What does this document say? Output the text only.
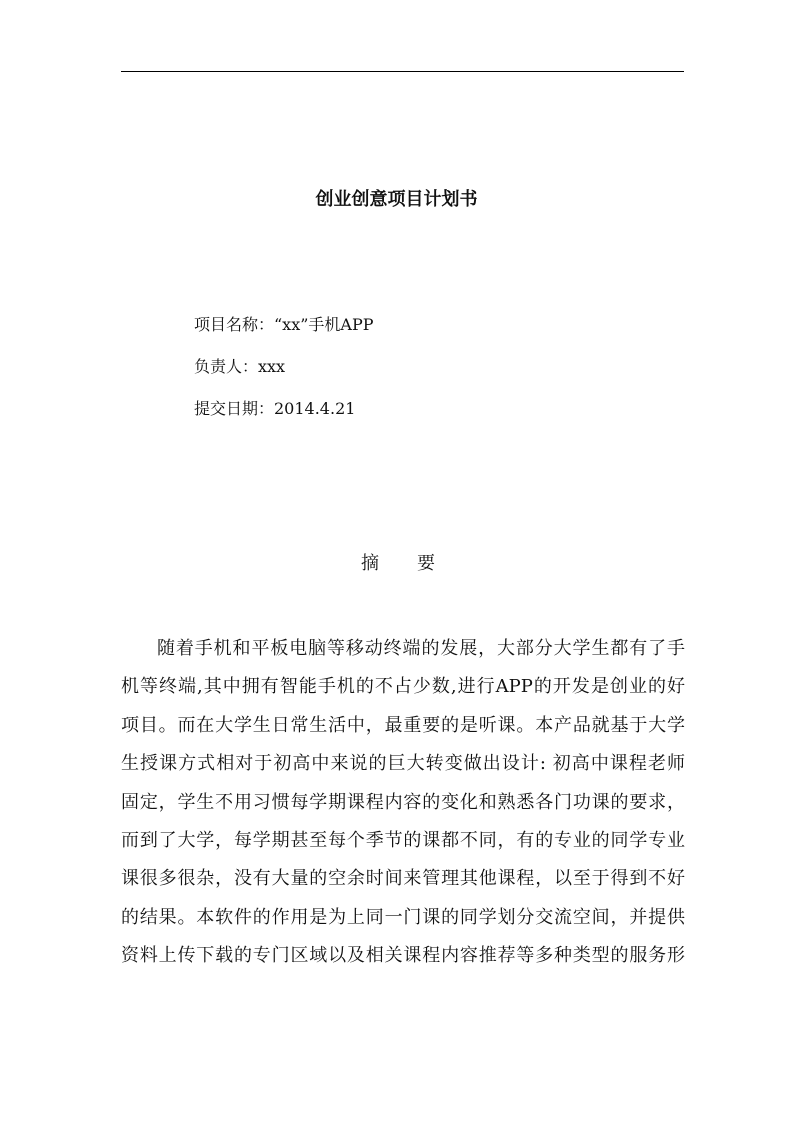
创业创意项目计划书
项目名称：“xx”手机APP
负责人：xxx
提交日期：2014.4.21
摘 要
随着手机和平板电脑等移动终端的发展，大部分大学生都有了手
机等终端,其中拥有智能手机的不占少数,进行APP的开发是创业的好
项目。而在大学生日常生活中，最重要的是听课。本产品就基于大学
生授课方式相对于初高中来说的巨大转变做出设计: 初高中课程老师
固定，学生不用习惯每学期课程内容的变化和熟悉各门功课的要求，
而到了大学，每学期甚至每个季节的课都不同，有的专业的同学专业
课很多很杂，没有大量的空余时间来管理其他课程，以至于得到不好
的结果。本软件的作用是为上同一门课的同学划分交流空间，并提供
资料上传下载的专门区域以及相关课程内容推荐等多种类型的服务形
